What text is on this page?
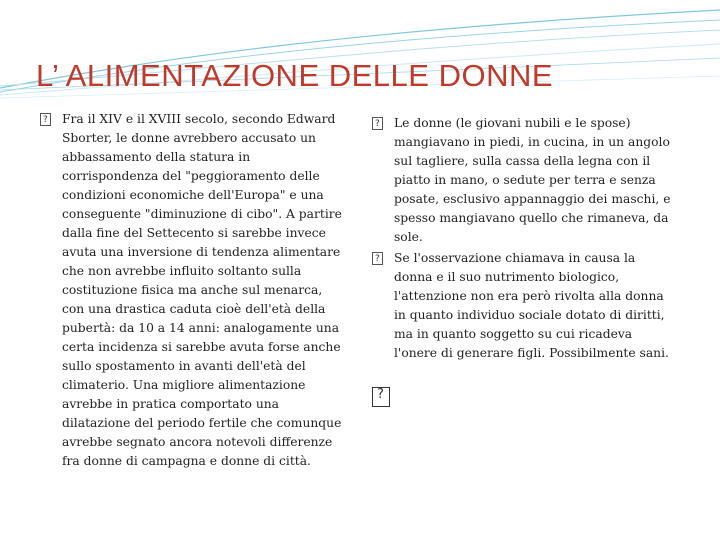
L’ ALIMENTAZIONE DELLE DONNE
?
Fra il XIV e il XVIII secolo, secondo Edward Sborter, le donne avrebbero accusato un abbassamento della statura in corrispondenza del "peggioramento delle condizioni economiche dell'Europa" e una conseguente "diminuzione di cibo". A partire dalla fine del Settecento si sarebbe invece avuta una inversione di tendenza alimentare che non avrebbe influito soltanto sulla costituzione fisica ma anche sul menarca, con una drastica caduta cioè dell'età della pubertà: da 10 a 14 anni: analogamente una certa incidenza si sarebbe avuta forse anche sullo spostamento in avanti dell'età del climaterio. Una migliore alimentazione avrebbe in pratica comportato una dilatazione del periodo fertile che comunque avrebbe segnato ancora notevoli differenze fra donne di campagna e donne di città.
?
Le donne (le giovani nubili e le spose) mangiavano in piedi, in cucina, in un angolo sul tagliere, sulla cassa della legna con il piatto in mano, o sedute per terra e senza posate, esclusivo appannaggio dei maschi, e spesso mangiavano quello che rimaneva, da sole.
?
Se l'osservazione chiamava in causa la donna e il suo nutrimento biologico, l'attenzione non era però rivolta alla donna in quanto individuo sociale dotato di diritti, ma in quanto soggetto su cui ricadeva l'onere di generare figli. Possibilmente sani.
?
